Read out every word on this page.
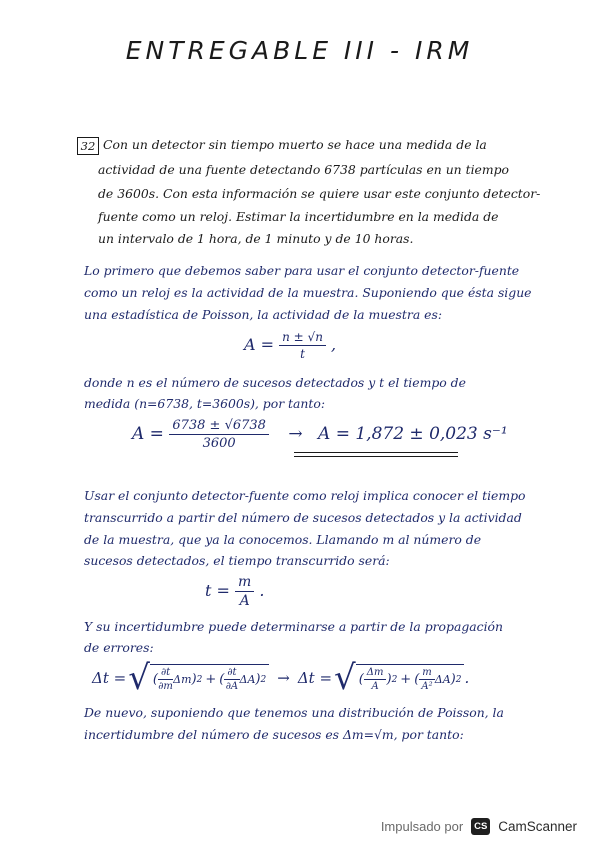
ENTREGABLE III - IRM
32 Con un detector sin tiempo muerto se hace una medida de la
actividad de una fuente detectando 6738 partículas en un tiempo
de 3600s. Con esta información se quiere usar este conjunto detector-
fuente como un reloj. Estimar la incertidumbre en la medida de
un intervalo de 1 hora, de 1 minuto y de 10 horas.
Lo primero que debemos saber para usar el conjunto detector-fuente
como un reloj es la actividad de la muestra. Suponiendo que ésta sigue
una estadística de Poisson, la actividad de la muestra es:
$A = \frac{n \pm √n}{t}$ ,
donde n es el número de sucesos detectados y t el tiempo de
medida (n=6738, t=3600s), por tanto:
$A = \frac{6738 \pm √6738}{3600} \to A = 1,872 \pm 0,023$ s⁻¹
Usar el conjunto detector-fuente como reloj implica conocer el tiempo
transcurrido a partir del número de sucesos detectados y la actividad
de la muestra, que ya la conocemos. Llamando m al número de
sucesos detectados, el tiempo transcurrido será:
$t = \frac{m}{A}$ .
Y su incertidumbre puede determinarse a partir de la propagación
de errores:
Δt = √ ( $\frac{\partial t}{\partial m}$ Δm ) 2 + ( $\frac{\partial t}{\partial A}$ ΔA ) 2 → Δt = √ ( $\frac{\Delta m}{A}$ ) 2 + ( $\frac{m}{\text{A²}}$ ΔA ) 2 .
De nuevo, suponiendo que tenemos una distribución de Poisson, la
incertidumbre del número de sucesos es Δm=√m, por tanto:
Impulsado por	CS CamScanner
